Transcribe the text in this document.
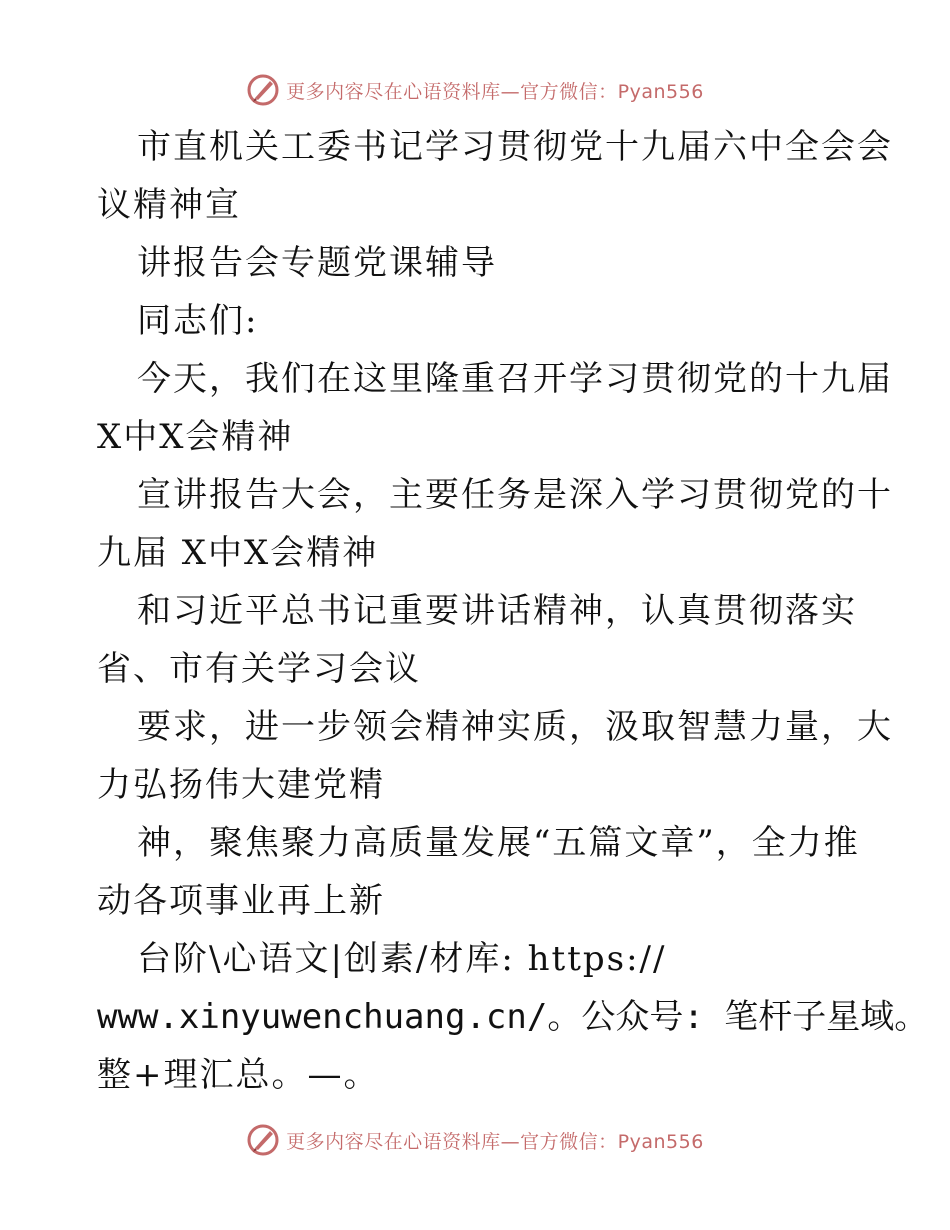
更多内容尽在心语资料库—官方微信：Pyan556
市直机关工委书记学习贯彻党十九届六中全会会
议精神宣
讲报告会专题党课辅导
同志们:
今天，我们在这里隆重召开学习贯彻党的十九届
X中X会精神
宣讲报告大会，主要任务是深入学习贯彻党的十
九届 X中X会精神
和习近平总书记重要讲话精神，认真贯彻落实
省、市有关学习会议
要求，进一步领会精神实质，汲取智慧力量，大
力弘扬伟大建党精
神，聚焦聚力高质量发展“五篇文章”，全力推
动各项事业再上新
台阶\心语文|创素/材库: https://
www.xinyuwenchuang.cn/。公众号: 笔杆子星域。
整+理汇总。—。
更多内容尽在心语资料库—官方微信：Pyan556
